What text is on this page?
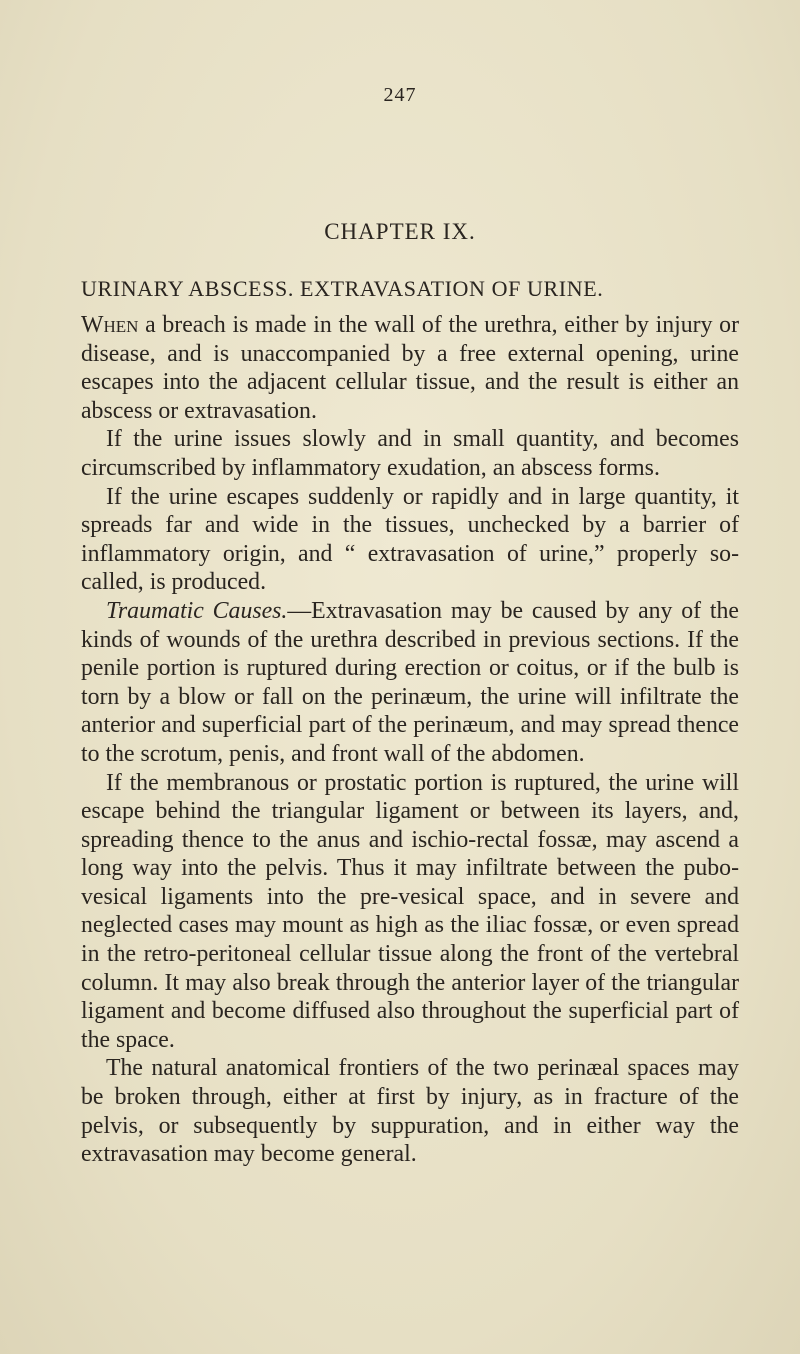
247
CHAPTER IX.
URINARY ABSCESS. EXTRAVASATION OF URINE.

When a breach is made in the wall of the urethra, either by injury or disease, and is unaccompanied by a free external opening, urine escapes into the adjacent cellular tissue, and the result is either an abscess or extravasation.

If the urine issues slowly and in small quantity, and becomes circumscribed by inflammatory exudation, an abscess forms.

If the urine escapes suddenly or rapidly and in large quantity, it spreads far and wide in the tissues, unchecked by a barrier of inflammatory origin, and “ extravasation of urine,” properly so-called, is produced.

Traumatic Causes.—Extravasation may be caused by any of the kinds of wounds of the urethra described in previous sections. If the penile portion is ruptured during erection or coitus, or if the bulb is torn by a blow or fall on the perinæum, the urine will infiltrate the anterior and superficial part of the perinæum, and may spread thence to the scrotum, penis, and front wall of the abdomen.

If the membranous or prostatic portion is ruptured, the urine will escape behind the triangular ligament or between its layers, and, spreading thence to the anus and ischio-rectal fossæ, may ascend a long way into the pelvis. Thus it may infiltrate between the pubo-vesical ligaments into the pre-vesical space, and in severe and neglected cases may mount as high as the iliac fossæ, or even spread in the retro-peritoneal cellular tissue along the front of the vertebral column. It may also break through the anterior layer of the triangular ligament and become diffused also throughout the superficial part of the space.

The natural anatomical frontiers of the two perinæal spaces may be broken through, either at first by injury, as in fracture of the pelvis, or subsequently by suppuration, and in either way the extravasation may become general.
